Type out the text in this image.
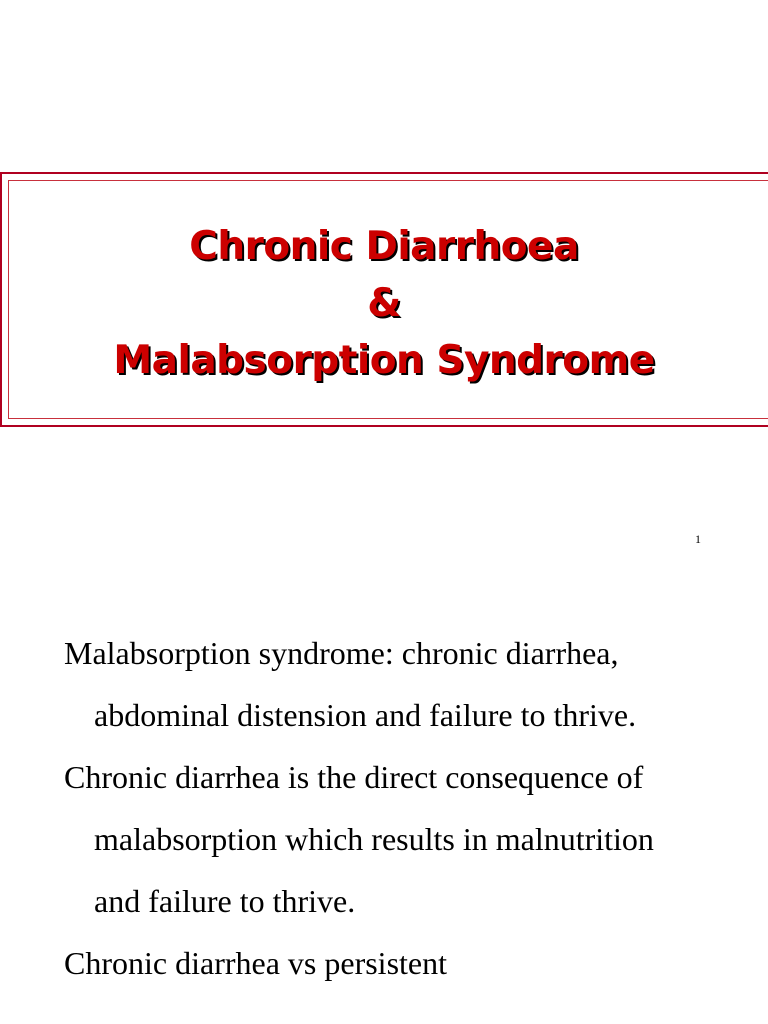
Chronic Diarrhoea
&
Malabsorption Syndrome
1
Malabsorption syndrome: chronic diarrhea,
abdominal distension and failure to thrive.
Chronic diarrhea is the direct consequence of
malabsorption which results in malnutrition
and failure to thrive.
Chronic diarrhea vs persistent
